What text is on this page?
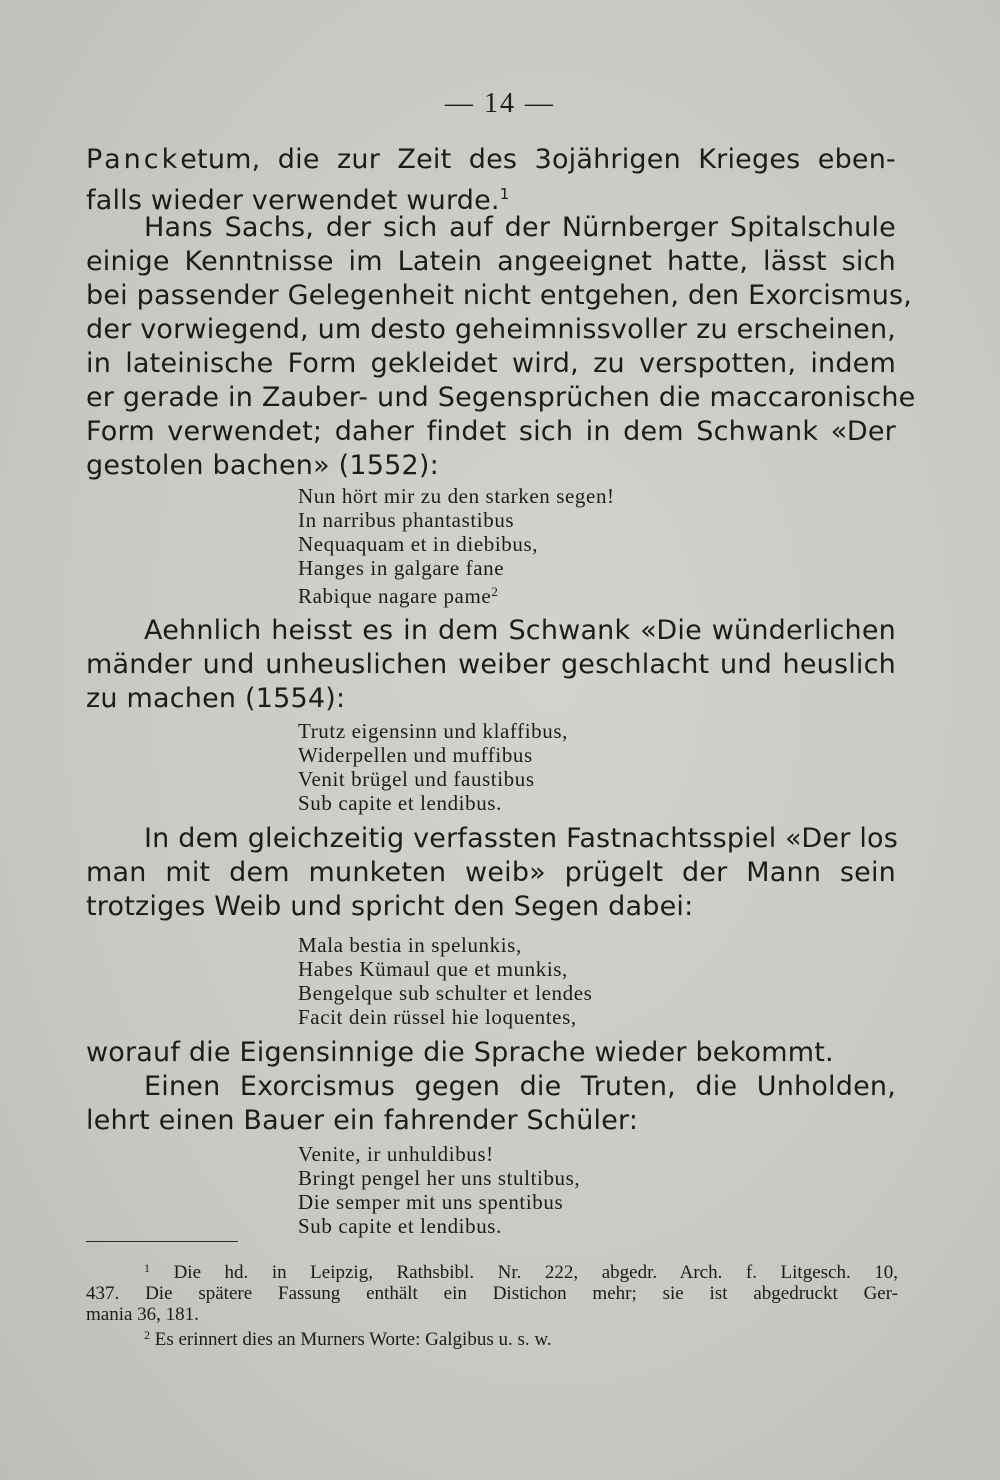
— 14 —

Pancketum, die zur Zeit des 3ojährigen Krieges eben-
falls wieder verwendet wurde.$^1$

Hans Sachs, der sich auf der Nürnberger Spitalschule
einige Kenntnisse im Latein angeeignet hatte, lässt sich
bei passender Gelegenheit nicht entgehen, den Exorcismus,
der vorwiegend, um desto geheimnissvoller zu erscheinen,
in lateinische Form gekleidet wird, zu verspotten, indem
er gerade in Zauber- und Segensprüchen die maccaronische
Form verwendet; daher findet sich in dem Schwank «Der
gestolen bachen» (1552):

Nun hört mir zu den starken segen!
In narribus phantastibus
Nequaquam et in diebibus,
Hanges in galgare fane
Rabique nagare pame$^2$

Aehnlich heisst es in dem Schwank «Die wünderlichen
mänder und unheuslichen weiber geschlacht und heuslich
zu machen (1554):

Trutz eigensinn und klaffibus,
Widerpellen und muffibus
Venit brügel und faustibus
Sub capite et lendibus.

In dem gleichzeitig verfassten Fastnachtsspiel «Der los
man mit dem munketen weib» prügelt der Mann sein
trotziges Weib und spricht den Segen dabei:

Mala bestia in spelunkis,
Habes Kümaul que et munkis,
Bengelque sub schulter et lendes
Facit dein rüssel hie loquentes,

worauf die Eigensinnige die Sprache wieder bekommt.

Einen Exorcismus gegen die Truten, die Unholden,
lehrt einen Bauer ein fahrender Schüler:

Venite, ir unhuldibus!
Bringt pengel her uns stultibus,
Die semper mit uns spentibus
Sub capite et lendibus.
$^1$ Die hd. in Leipzig, Rathsbibl. Nr. 222, abgedr. Arch. f. Litgesch. 10,
437. Die spätere Fassung enthält ein Distichon mehr; sie ist abgedruckt Ger-
mania 36, 181.
$^2$ Es erinnert dies an Murners Worte: Galgibus u. s. w.
